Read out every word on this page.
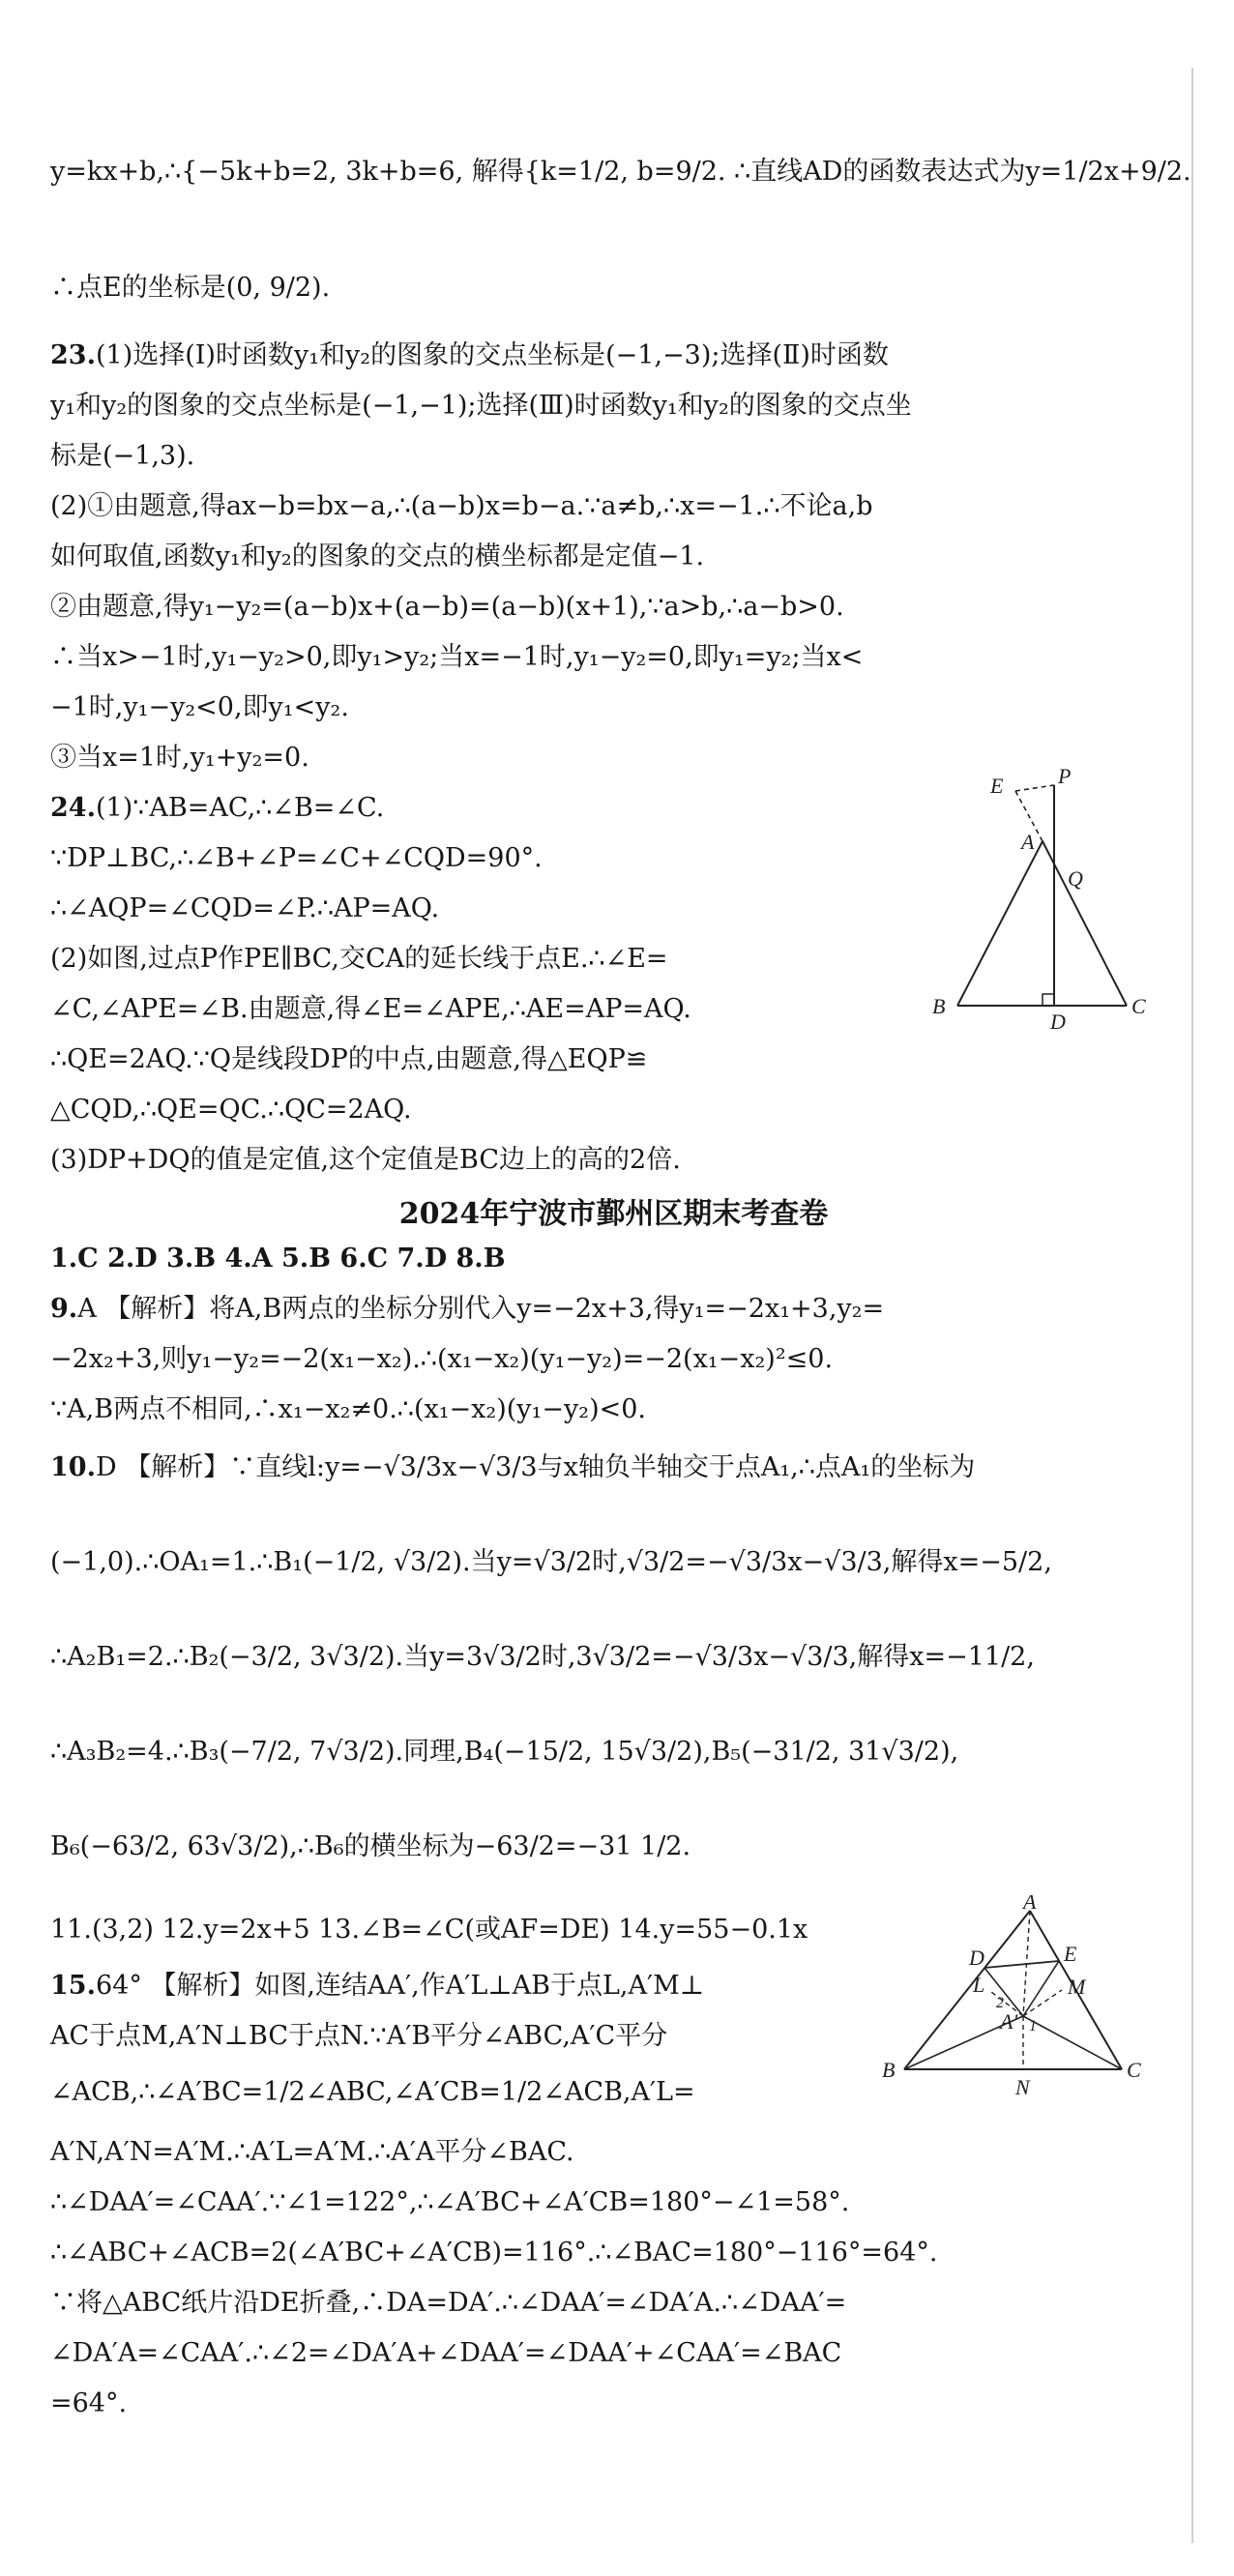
y=kx+b,∴{−5k+b=2, 3k+b=6, 解得{k=1/2, b=9/2. ∴直线AD的函数表达式为y=1/2x+9/2.
∴点E的坐标是(0, 9/2).
23.(1)选择(Ⅰ)时函数y₁和y₂的图象的交点坐标是(−1,−3);选择(Ⅱ)时函数
y₁和y₂的图象的交点坐标是(−1,−1);选择(Ⅲ)时函数y₁和y₂的图象的交点坐
标是(−1,3).
(2)①由题意,得ax−b=bx−a,∴(a−b)x=b−a.∵a≠b,∴x=−1.∴不论a,b
如何取值,函数y₁和y₂的图象的交点的横坐标都是定值−1.
②由题意,得y₁−y₂=(a−b)x+(a−b)=(a−b)(x+1),∵a>b,∴a−b>0.
∴当x>−1时,y₁−y₂>0,即y₁>y₂;当x=−1时,y₁−y₂=0,即y₁=y₂;当x<
−1时,y₁−y₂<0,即y₁<y₂.
③当x=1时,y₁+y₂=0.
24.(1)∵AB=AC,∴∠B=∠C.
∵DP⊥BC,∴∠B+∠P=∠C+∠CQD=90°.
∴∠AQP=∠CQD=∠P.∴AP=AQ.
(2)如图,过点P作PE∥BC,交CA的延长线于点E.∴∠E=
∠C,∠APE=∠B.由题意,得∠E=∠APE,∴AE=AP=AQ.
∴QE=2AQ.∵Q是线段DP的中点,由题意,得△EQP≌
△CQD,∴QE=QC.∴QC=2AQ.
(3)DP+DQ的值是定值,这个定值是BC边上的高的2倍.
2024年宁波市鄞州区期末考查卷
1.C 2.D 3.B 4.A 5.B 6.C 7.D 8.B
9.A 【解析】将A,B两点的坐标分别代入y=−2x+3,得y₁=−2x₁+3,y₂=
−2x₂+3,则y₁−y₂=−2(x₁−x₂).∴(x₁−x₂)(y₁−y₂)=−2(x₁−x₂)²≤0.
∵A,B两点不相同,∴x₁−x₂≠0.∴(x₁−x₂)(y₁−y₂)<0.
10.D 【解析】∵直线l:y=−√3/3x−√3/3与x轴负半轴交于点A₁,∴点A₁的坐标为
(−1,0).∴OA₁=1.∴B₁(−1/2, √3/2).当y=√3/2时,√3/2=−√3/3x−√3/3,解得x=−5/2,
∴A₂B₁=2.∴B₂(−3/2, 3√3/2).当y=3√3/2时,3√3/2=−√3/3x−√3/3,解得x=−11/2,
∴A₃B₂=4.∴B₃(−7/2, 7√3/2).同理,B₄(−15/2, 15√3/2),B₅(−31/2, 31√3/2),
B₆(−63/2, 63√3/2),∴B₆的横坐标为−63/2=−31 1/2.
11.(3,2) 12.y=2x+5 13.∠B=∠C(或AF=DE) 14.y=55−0.1x
15.64° 【解析】如图,连结AA′,作A′L⊥AB于点L,A′M⊥
AC于点M,A′N⊥BC于点N.∵A′B平分∠ABC,A′C平分
∠ACB,∴∠A′BC=1/2∠ABC,∠A′CB=1/2∠ACB,A′L=
A′N,A′N=A′M.∴A′L=A′M.∴A′A平分∠BAC.
∴∠DAA′=∠CAA′.∵∠1=122°,∴∠A′BC+∠A′CB=180°−∠1=58°.
∴∠ABC+∠ACB=2(∠A′BC+∠A′CB)=116°.∴∠BAC=180°−116°=64°.
∵将△ABC纸片沿DE折叠,∴DA=DA′.∴∠DAA′=∠DA′A.∴∠DAA′=
∠DA′A=∠CAA′.∴∠2=∠DA′A+∠DAA′=∠DAA′+∠CAA′=∠BAC
=64°.
E	P
A
Q
B
D
C
A
D	E
L	M
2
A′ 1
B
N
C
